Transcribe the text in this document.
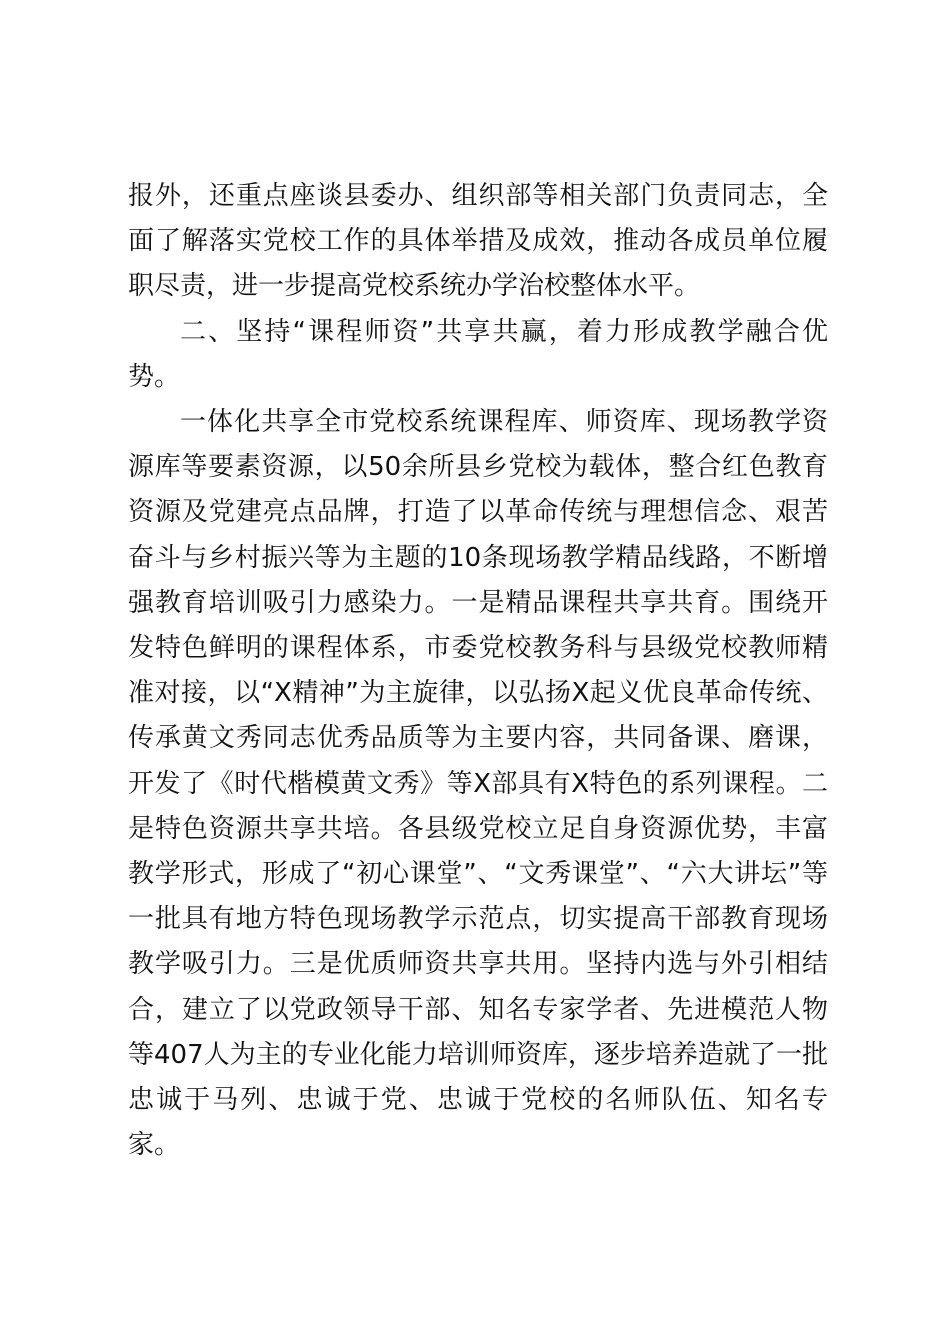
报外，还重点座谈县委办、组织部等相关部门负责同志，全面了解落实党校工作的具体举措及成效，推动各成员单位履职尽责，进一步提高党校系统办学治校整体水平。

二、坚持“课程师资”共享共赢，着力形成教学融合优势。

一体化共享全市党校系统课程库、师资库、现场教学资源库等要素资源，以50余所县乡党校为载体，整合红色教育资源及党建亮点品牌，打造了以革命传统与理想信念、艰苦奋斗与乡村振兴等为主题的10条现场教学精品线路，不断增强教育培训吸引力感染力。一是精品课程共享共育。围绕开发特色鲜明的课程体系，市委党校教务科与县级党校教师精准对接，以“X精神”为主旋律，以弘扬X起义优良革命传统、传承黄文秀同志优秀品质等为主要内容，共同备课、磨课，开发了《时代楷模黄文秀》等X部具有X特色的系列课程。二是特色资源共享共培。各县级党校立足自身资源优势，丰富教学形式，形成了“初心课堂”、“文秀课堂”、“六大讲坛”等一批具有地方特色现场教学示范点，切实提高干部教育现场教学吸引力。三是优质师资共享共用。坚持内选与外引相结合，建立了以党政领导干部、知名专家学者、先进模范人物等407人为主的专业化能力培训师资库，逐步培养造就了一批忠诚于马列、忠诚于党、忠诚于党校的名师队伍、知名专家。
